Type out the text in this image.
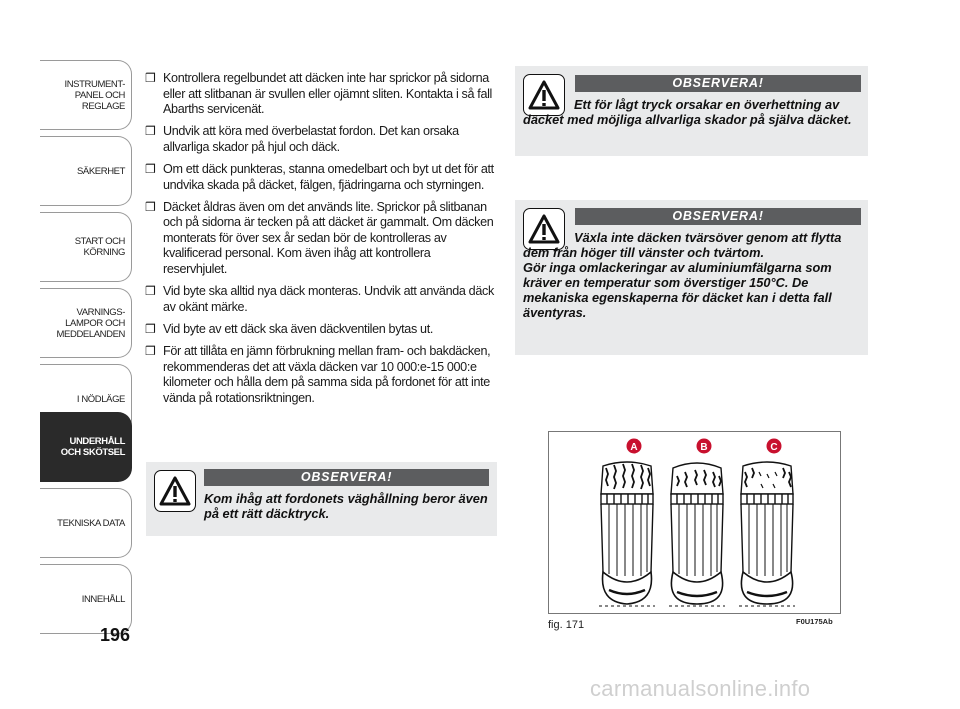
INSTRUMENT-
PANEL OCH
REGLAGE
SÄKERHET
START OCH
KÖRNING
VARNINGS-
LAMPOR OCH
MEDDELANDEN
I NÖDLÄGE
UNDERHÅLL
OCH SKÖTSEL
TEKNISKA DATA
INNEHÅLL
196

❒ Kontrollera regelbundet att däcken inte har sprickor på sidorna eller att slitbanan är svullen eller ojämnt sliten. Kontakta i så fall Abarths servicenät.

❒ Undvik att köra med överbelastat fordon. Det kan orsaka allvarliga skador på hjul och däck.

❒ Om ett däck punkteras, stanna omedelbart och byt ut det för att undvika skada på däcket, fälgen, fjädringarna och styrningen.

❒ Däcket åldras även om det används lite. Sprickor på slitbanan och på sidorna är tecken på att däcket är gammalt. Om däcken monterats för över sex år sedan bör de kontrolleras av kvalificerad personal. Kom även ihåg att kontrollera reservhjulet.

❒ Vid byte ska alltid nya däck monteras. Undvik att använda däck av okänt märke.

❒ Vid byte av ett däck ska även däckventilen bytas ut.

❒ För att tillåta en jämn förbrukning mellan fram- och bakdäcken, rekommenderas det att växla däcken var 10 000:e-15 000:e kilometer och hålla dem på samma sida på fordonet för att inte vända på rotationsriktningen.

OBSERVERA!
Kom ihåg att fordonets väghållning beror även på ett rätt däcktryck.
OBSERVERA!
Ett för lågt tryck orsakar en överhettning av däcket med möjliga allvarliga skador på själva däcket.
OBSERVERA!
Växla inte däcken tvärsöver genom att flytta dem från höger till vänster och tvärtom.
Gör inga omlackeringar av aluminiumfälgarna som kräver en temperatur som överstiger 150°C. De mekaniska egenskaperna för däcket kan i detta fall äventyras.
A	B	C
fig. 171	F0U175Ab
carmanualsonline.info
